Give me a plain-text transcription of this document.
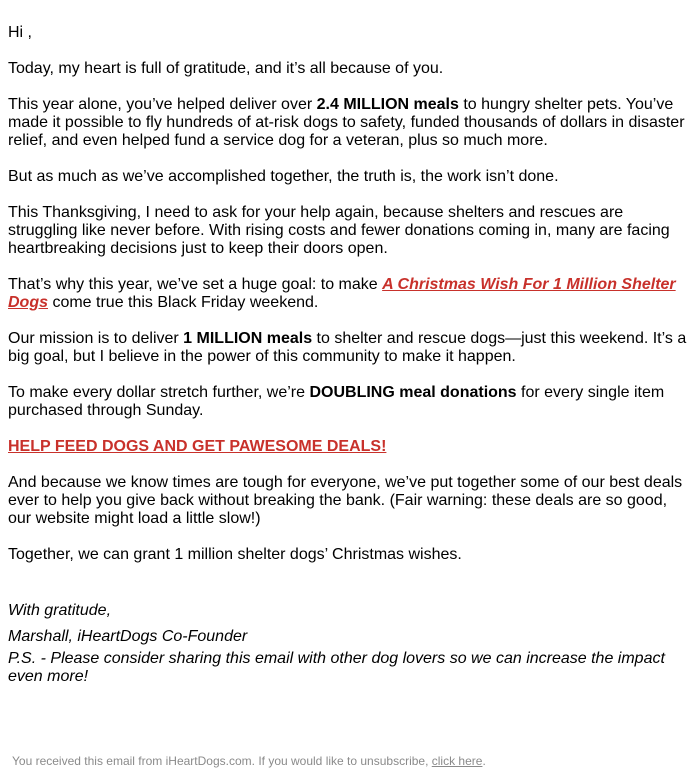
Hi ,

Today, my heart is full of gratitude, and it’s all because of you.

This year alone, you’ve helped deliver over 2.4 MILLION meals to hungry shelter pets. You’ve made it possible to fly hundreds of at-risk dogs to safety, funded thousands of dollars in disaster relief, and even helped fund a service dog for a veteran, plus so much more.

But as much as we’ve accomplished together, the truth is, the work isn’t done.

This Thanksgiving, I need to ask for your help again, because shelters and rescues are struggling like never before. With rising costs and fewer donations coming in, many are facing heartbreaking decisions just to keep their doors open.

That’s why this year, we’ve set a huge goal: to make A Christmas Wish For 1 Million Shelter Dogs come true this Black Friday weekend.

Our mission is to deliver 1 MILLION meals to shelter and rescue dogs—just this weekend. It’s a big goal, but I believe in the power of this community to make it happen.

To make every dollar stretch further, we’re DOUBLING meal donations for every single item purchased through Sunday.

HELP FEED DOGS AND GET PAWESOME DEALS!

And because we know times are tough for everyone, we’ve put together some of our best deals ever to help you give back without breaking the bank. (Fair warning: these deals are so good, our website might load a little slow!)

Together, we can grant 1 million shelter dogs’ Christmas wishes.

With gratitude,

Marshall, iHeartDogs Co-Founder

P.S. - Please consider sharing this email with other dog lovers so we can increase the impact even more!

You received this email from iHeartDogs.com. If you would like to unsubscribe, click here.
